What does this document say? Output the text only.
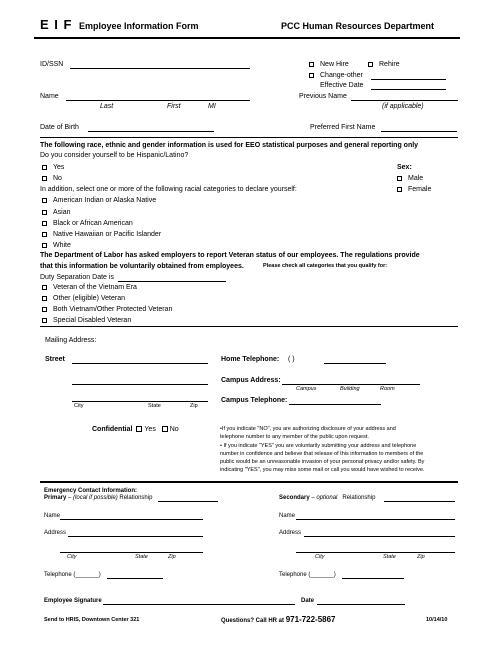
E I F Employee Information Form	PCC Human Resources Department
ID/SSN	New Hire	Rehire
Change-other
Effective Date
Name	Previous Name
Last	First	MI	(if applicable)
Date of Birth	Preferred First Name
The following race, ethnic and gender information is used for EEO statistical purposes and general reporting only
Do you consider yourself to be Hispanic/Latino?
Yes
No
Sex:
Male
Female
In addition, select one or more of the following racial categories to declare yourself:
American Indian or Alaska Native
Asian
Black or African American
Native Hawaiian or Pacific Islander
White
The Department of Labor has asked employers to report Veteran status of our employees. The regulations provide
that this information be voluntarily obtained from employees.	Please check all categories that you qualify for:
Duty Separation Date is
Veteran of the Vietnam Era
Other (eligible) Veteran
Both Vietnam/Other Protected Veteran
Special Disabled Veteran
Mailing Address:
Street	Home Telephone: ( )
Campus Address:
Campus	Building	Room
Campus Telephone:
City	State	Zip
Confidential Yes No	•If you indicate "NO", you are authorizing disclosure of your address and
telephone number to any member of the public upon request.
• If you indicate "YES" you are voluntarily submitting your address and telephone
number in confidence and believe that release of this information to members of the
public would be an unreasonable invasion of your personal privacy and/or safety. By
indicating "YES", you may miss some mail or call you would have wished to receive.
Emergency Contact Information:
Primary – (local if possible) Relationship	Secondary – optional Relationship
Name	Name
Address	Address
City	State	Zip	City	State	Zip
Telephone (_______)	Telephone (_______)
Employee Signature	Date
Send to HRIS, Downtown Center 321	Questions? Call HR at 971-722-5867	10/14/10
